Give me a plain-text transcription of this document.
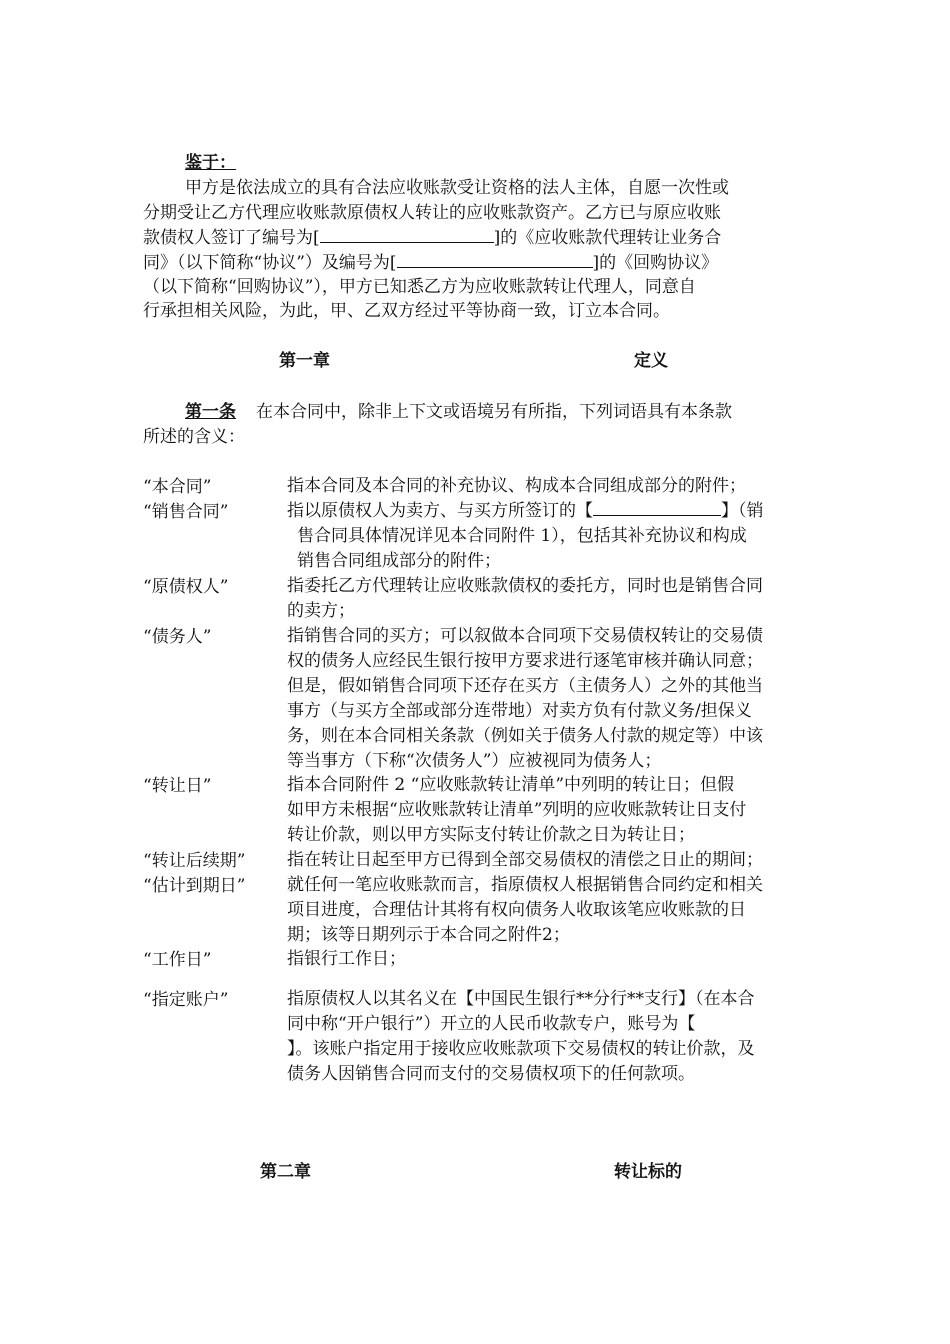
鉴于：
甲方是依法成立的具有合法应收账款受让资格的法人主体，自愿一次性或
分期受让乙方代理应收账款原债权人转让的应收账款资产。乙方已与原应收账
款债权人签订了编号为[	]的《应收账款代理转让业务合
同》（以下简称“协议”）及编号为[	]的《回购协议》
（以下简称“回购协议”），甲方已知悉乙方为应收账款转让代理人，同意自
行承担相关风险，为此，甲、乙双方经过平等协商一致，订立本合同。
第一章	定义
第一条 在本合同中，除非上下文或语境另有所指，下列词语具有本条款
所述的含义：
“本合同”	指本合同及本合同的补充协议、构成本合同组成部分的附件；
“销售合同”	指以原债权人为卖方、与买方所签订的【	】（销
售合同具体情况详见本合同附件 1），包括其补充协议和构成
销售合同组成部分的附件；
“原债权人”	指委托乙方代理转让应收账款债权的委托方，同时也是销售合同
的卖方；
“债务人”	指销售合同的买方；可以叙做本合同项下交易债权转让的交易债
权的债务人应经民生银行按甲方要求进行逐笔审核并确认同意；
但是，假如销售合同项下还存在买方（主债务人）之外的其他当
事方（与买方全部或部分连带地）对卖方负有付款义务/担保义
务，则在本合同相关条款（例如关于债务人付款的规定等）中该
等当事方（下称“次债务人”）应被视同为债务人；
“转让日”	指本合同附件 2 “应收账款转让清单”中列明的转让日；但假
如甲方未根据“应收账款转让清单”列明的应收账款转让日支付
转让价款，则以甲方实际支付转让价款之日为转让日；
“转让后续期” 指在转让日起至甲方已得到全部交易债权的清偿之日止的期间；
“估计到期日” 就任何一笔应收账款而言，指原债权人根据销售合同约定和相关
项目进度，合理估计其将有权向债务人收取该笔应收账款的日
期；该等日期列示于本合同之附件2；
“工作日”	指银行工作日；
“指定账户”	指原债权人以其名义在【中国民生银行**分行**支行】（在本合
同中称“开户银行”）开立的人民币收款专户，账号为【
】。该账户指定用于接收应收账款项下交易债权的转让价款，及
债务人因销售合同而支付的交易债权项下的任何款项。
第二章	转让标的
